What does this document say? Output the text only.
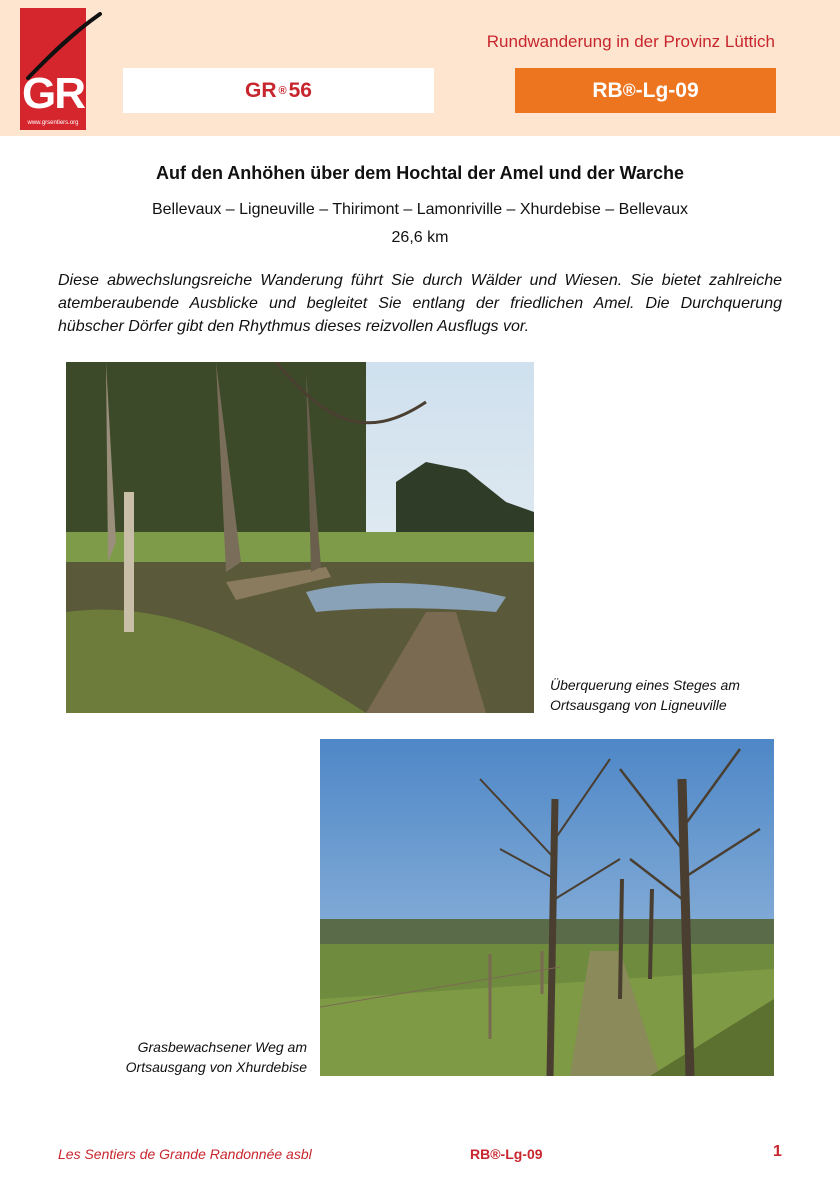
GR
www.grsentiers.org
Rundwanderung in der Provinz Lüttich
GR ® 56	RB ® -Lg-09
Auf den Anhöhen über dem Hochtal der Amel und der Warche
Bellevaux – Ligneuville – Thirimont – Lamonriville – Xhurdebise – Bellevaux
26,6 km
Diese abwechslungsreiche Wanderung führt Sie durch Wälder und Wiesen. Sie bietet zahlreiche atemberaubende Ausblicke und begleitet Sie entlang der friedlichen Amel. Die Durchquerung hübscher Dörfer gibt den Rhythmus dieses reizvollen Ausflugs vor.
Überquerung eines Steges am
Ortsausgang von Ligneuville
Grasbewachsener Weg am
Ortsausgang von Xhurdebise
Les Sentiers de Grande Randonnée asbl	RB®-Lg-09	1
